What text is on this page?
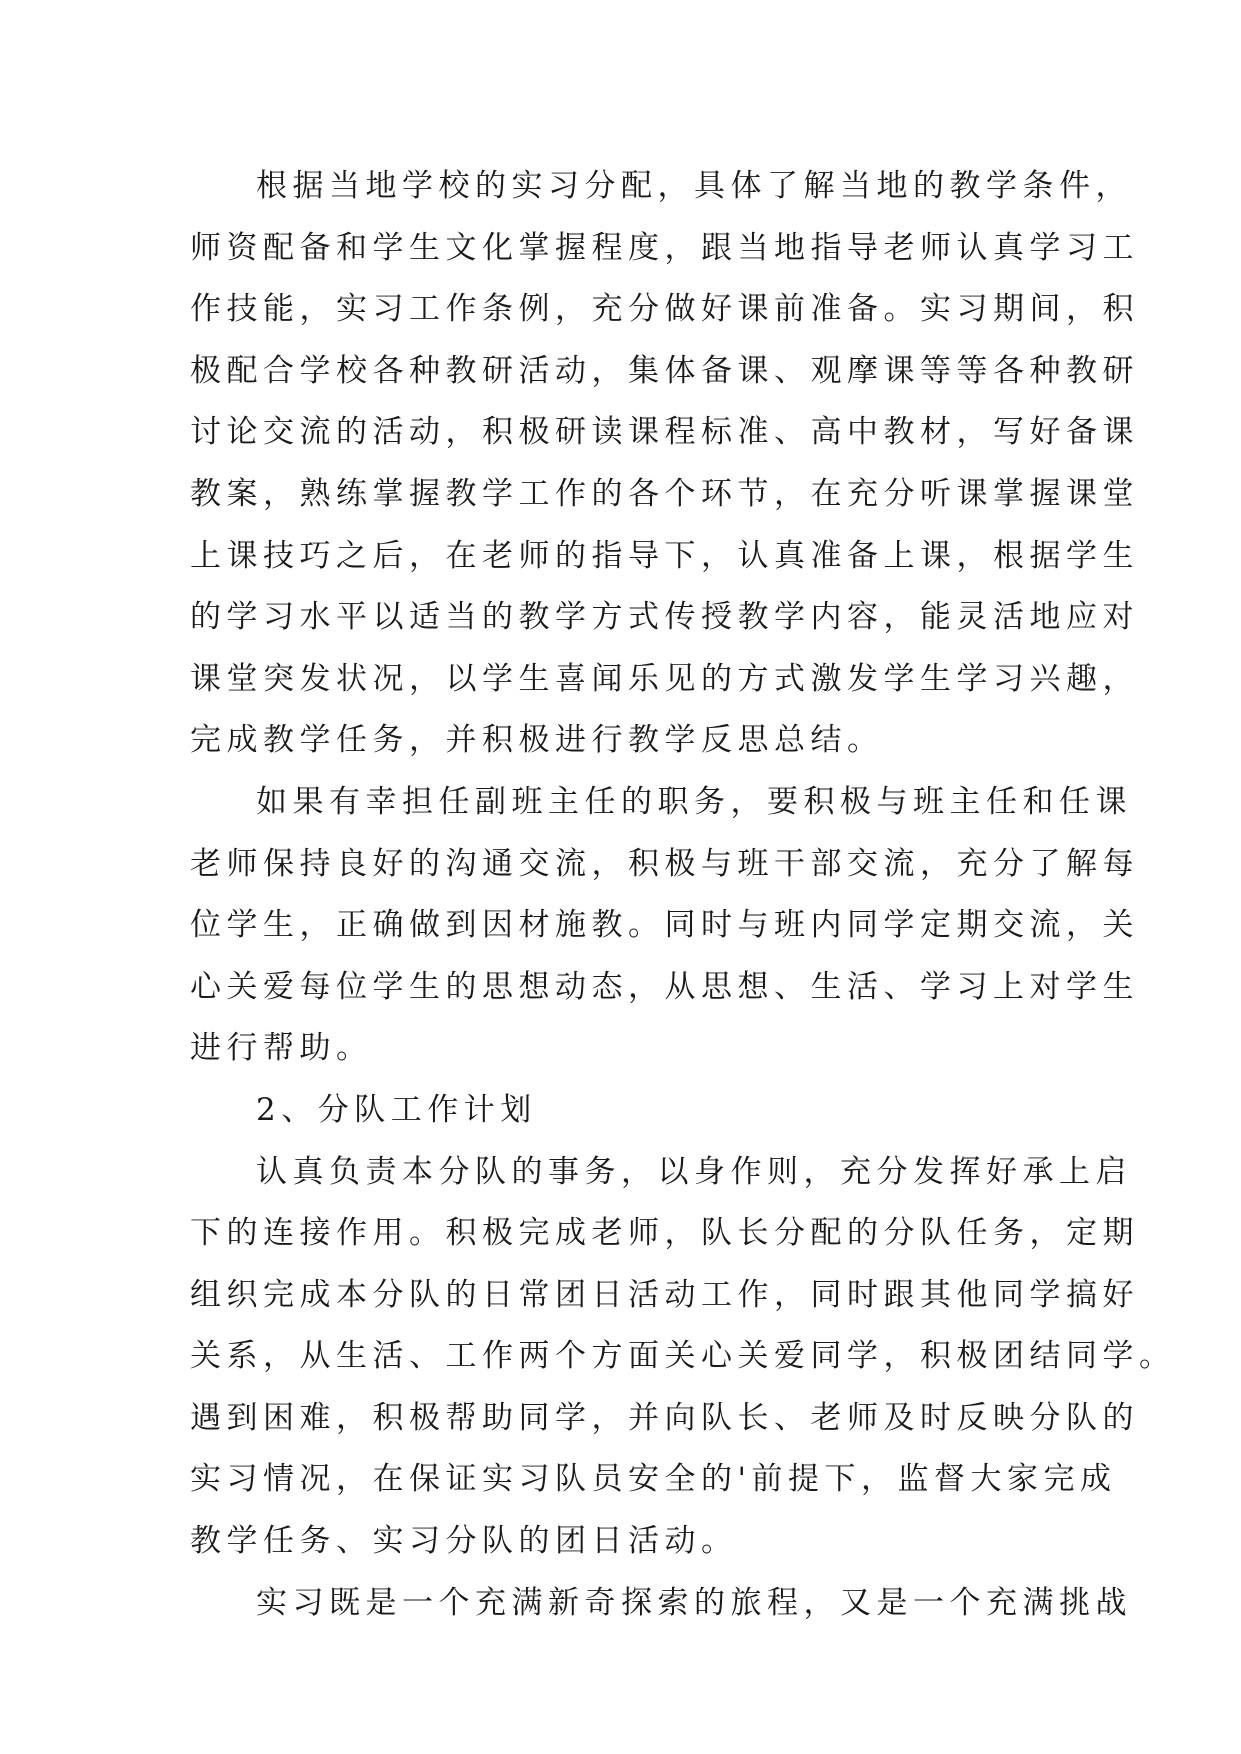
根据当地学校的实习分配，具体了解当地的教学条件，
师资配备和学生文化掌握程度，跟当地指导老师认真学习工
作技能，实习工作条例，充分做好课前准备。实习期间，积
极配合学校各种教研活动，集体备课、观摩课等等各种教研
讨论交流的活动，积极研读课程标准、高中教材，写好备课
教案，熟练掌握教学工作的各个环节，在充分听课掌握课堂
上课技巧之后，在老师的指导下，认真准备上课，根据学生
的学习水平以适当的教学方式传授教学内容，能灵活地应对
课堂突发状况，以学生喜闻乐见的方式激发学生学习兴趣，
完成教学任务，并积极进行教学反思总结。
如果有幸担任副班主任的职务，要积极与班主任和任课
老师保持良好的沟通交流，积极与班干部交流，充分了解每
位学生，正确做到因材施教。同时与班内同学定期交流，关
心关爱每位学生的思想动态，从思想、生活、学习上对学生
进行帮助。
2、分队工作计划
认真负责本分队的事务，以身作则，充分发挥好承上启
下的连接作用。积极完成老师，队长分配的分队任务，定期
组织完成本分队的日常团日活动工作，同时跟其他同学搞好
关系，从生活、工作两个方面关心关爱同学，积极团结同学。
遇到困难，积极帮助同学，并向队长、老师及时反映分队的
实习情况，在保证实习队员安全的'前提下，监督大家完成
教学任务、实习分队的团日活动。
实习既是一个充满新奇探索的旅程，又是一个充满挑战
